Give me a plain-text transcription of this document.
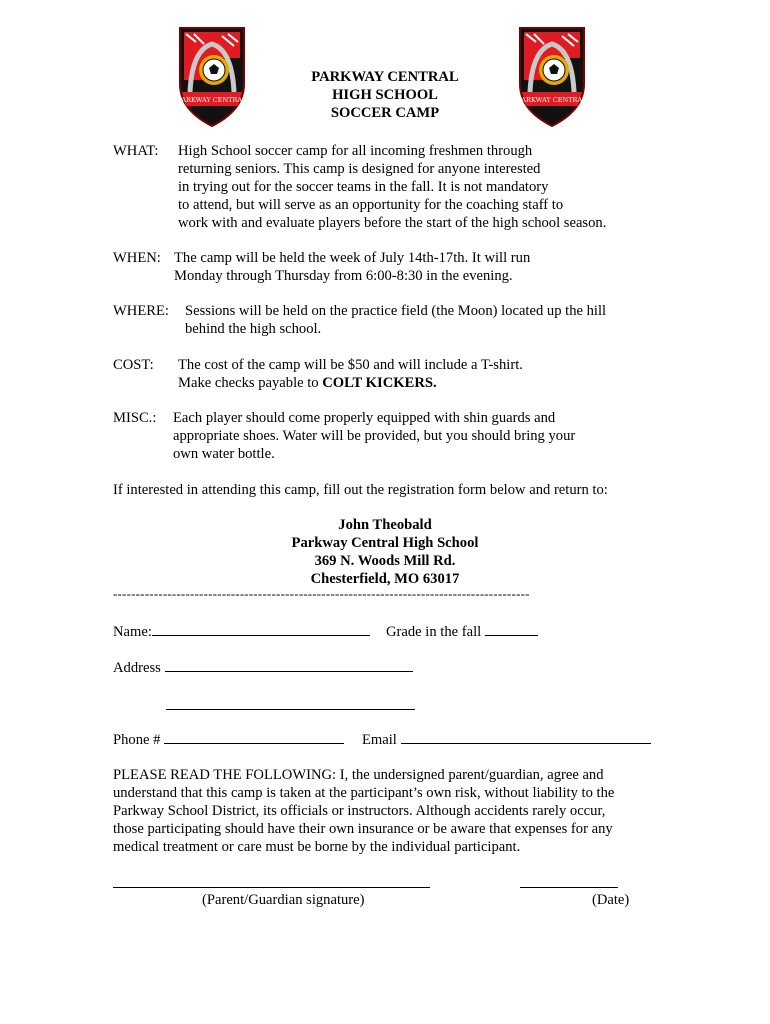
PARKWAY CENTRAL
PARKWAY CENTRAL
HIGH SCHOOL
SOCCER CAMP
PARKWAY CENTRAL
WHAT: High School soccer camp for all incoming freshmen through
returning seniors. This camp is designed for anyone interested
in trying out for the soccer teams in the fall. It is not mandatory
to attend, but will serve as an opportunity for the coaching staff to
work with and evaluate players before the start of the high school season.
WHEN: The camp will be held the week of July 14th-17th. It will run
Monday through Thursday from 6:00-8:30 in the evening.
WHERE: Sessions will be held on the practice field (the Moon) located up the hill
behind the high school.
COST: The cost of the camp will be $50 and will include a T-shirt.
Make checks payable to COLT KICKERS.
MISC.: Each player should come properly equipped with shin guards and
appropriate shoes. Water will be provided, but you should bring your
own water bottle.
If interested in attending this camp, fill out the registration form below and return to:
John Theobald
Parkway Central High School
369 N. Woods Mill Rd.
Chesterfield, MO 63017
--------------------------------------------------------------------------------------------
Name:	Grade in the fall
Address
Phone #	Email
PLEASE READ THE FOLLOWING: I, the undersigned parent/guardian, agree and
understand that this camp is taken at the participant’s own risk, without liability to the
Parkway School District, its officials or instructors. Although accidents rarely occur,
those participating should have their own insurance or be aware that expenses for any
medical treatment or care must be borne by the individual participant.
(Parent/Guardian signature)	(Date)
